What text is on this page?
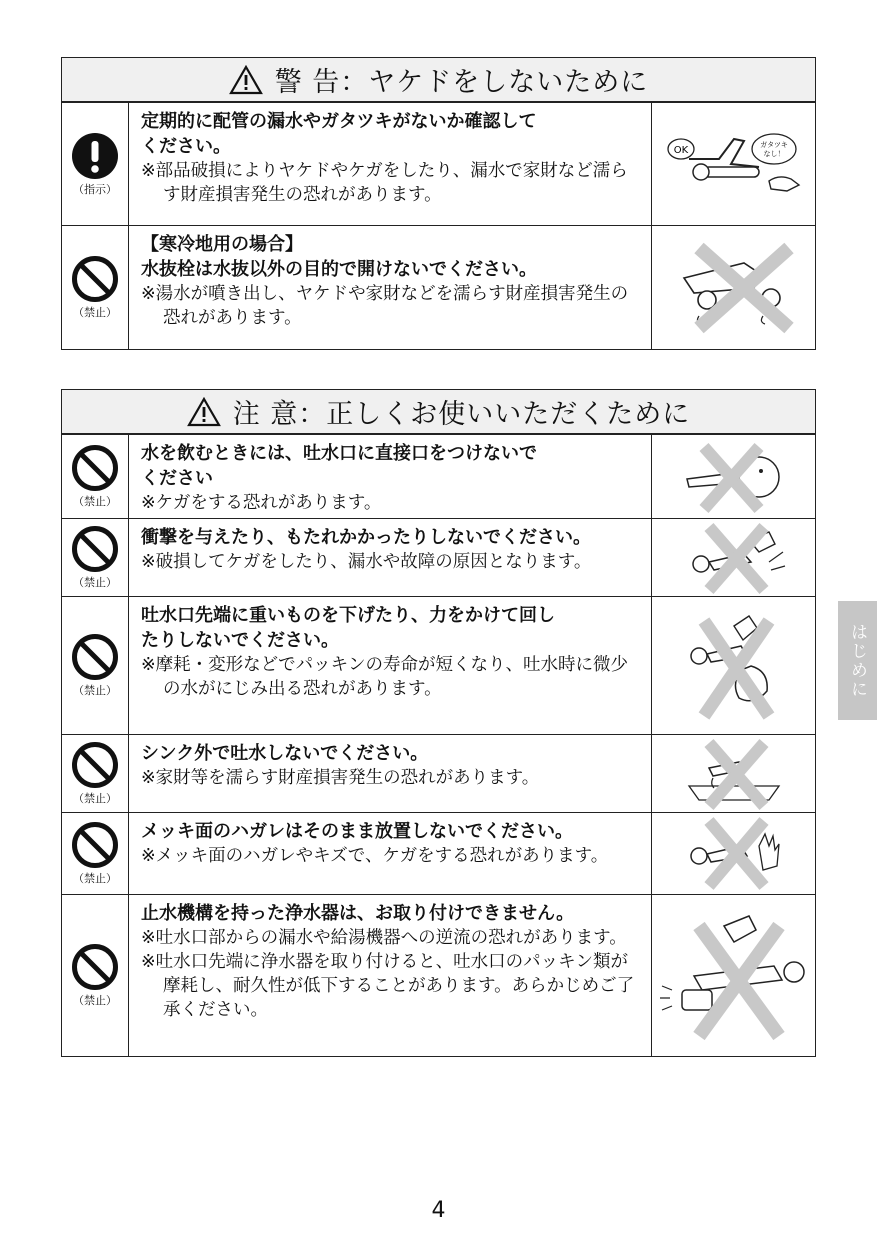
警 告：ヤケドをしないために
（指示）
定期的に配管の漏水やガタツキがないか確認して
ください。
※部品破損によりヤケドやケガをしたり、漏水で家財など濡らす財産損害発生の恐れがあります。
OK	ガタツキ
なし！
（禁止）
【寒冷地用の場合】
水抜栓は水抜以外の目的で開けないでください。
※湯水が噴き出し、ヤケドや家財などを濡らす財産損害発生の恐れがあります。
注 意：正しくお使いいただくために
（禁止）
水を飲むときには、吐水口に直接口をつけないで
ください
※ケガをする恐れがあります。
（禁止）
衝撃を与えたり、もたれかかったりしないでください。
※破損してケガをしたり、漏水や故障の原因となります。
（禁止）
吐水口先端に重いものを下げたり、力をかけて回し
たりしないでください。
※摩耗・変形などでパッキンの寿命が短くなり、吐水時に微少の水がにじみ出る恐れがあります。
（禁止）
シンク外で吐水しないでください。
※家財等を濡らす財産損害発生の恐れがあります。
（禁止）
メッキ面のハガレはそのまま放置しないでください。
※メッキ面のハガレやキズで、ケガをする恐れがあります。
（禁止）
止水機構を持った浄水器は、お取り付けできません。
※吐水口部からの漏水や給湯機器への逆流の恐れがあります。
※吐水口先端に浄水器を取り付けると、吐水口のパッキン類が摩耗し、耐久性が低下することがあります。あらかじめご了承ください。
はじめに
4
